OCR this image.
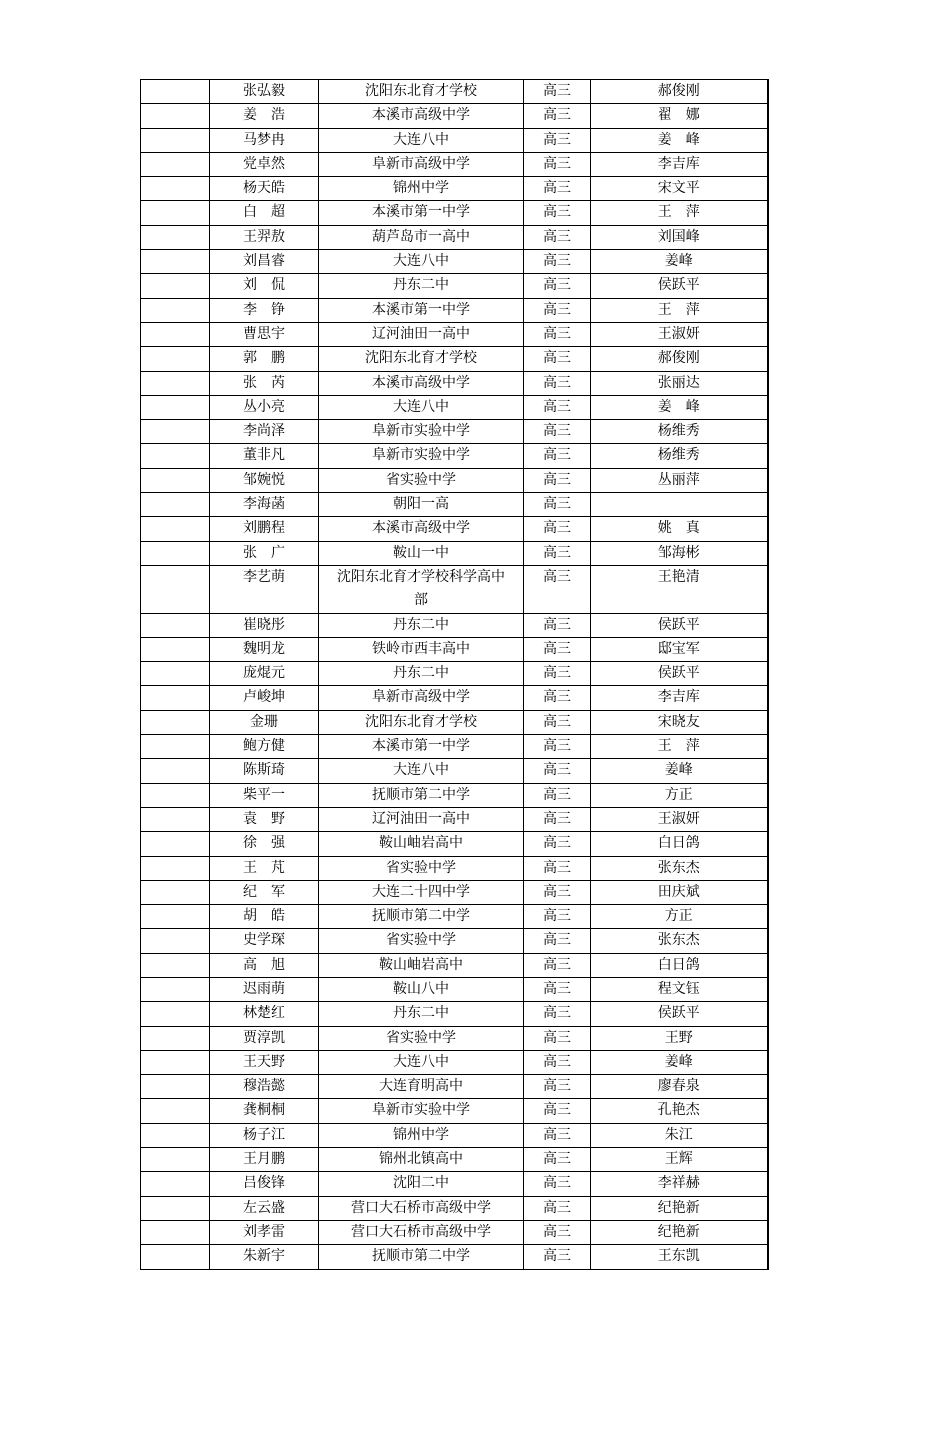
	张弘毅	沈阳东北育才学校	高三	郝俊刚
	姜　浩	本溪市高级中学	高三	翟　娜
	马梦冉	大连八中	高三	姜　峰
	党卓然	阜新市高级中学	高三	李吉库
	杨天皓	锦州中学	高三	宋文平
	白　超	本溪市第一中学	高三	王　萍
	王羿敖	葫芦岛市一高中	高三	刘国峰
	刘昌睿	大连八中	高三	姜峰
	刘　侃	丹东二中	高三	侯跃平
	李　铮	本溪市第一中学	高三	王　萍
	曹思宇	辽河油田一高中	高三	王淑妍
	郭　鹏	沈阳东北育才学校	高三	郝俊刚
	张　芮	本溪市高级中学	高三	张丽达
	丛小亮	大连八中	高三	姜　峰
	李尚泽	阜新市实验中学	高三	杨维秀
	董非凡	阜新市实验中学	高三	杨维秀
	邹婉悦	省实验中学	高三	丛丽萍
	李海菡	朝阳一高	高三	
	刘鹏程	本溪市高级中学	高三	姚　真
	张　广	鞍山一中	高三	邹海彬
	李艺萌	沈阳东北育才学校科学高中部	高三	王艳清
	崔晓彤	丹东二中	高三	侯跃平
	魏明龙	铁岭市西丰高中	高三	邸宝军
	庞焜元	丹东二中	高三	侯跃平
	卢峻坤	阜新市高级中学	高三	李吉库
	金珊	沈阳东北育才学校	高三	宋晓友
	鲍方健	本溪市第一中学	高三	王　萍
	陈斯琦	大连八中	高三	姜峰
	柴平一	抚顺市第二中学	高三	方正
	袁　野	辽河油田一高中	高三	王淑妍
	徐　强	鞍山岫岩高中	高三	白日鸽
	王　芃	省实验中学	高三	张东杰
	纪　军	大连二十四中学	高三	田庆斌
	胡　皓	抚顺市第二中学	高三	方正
	史学琛	省实验中学	高三	张东杰
	高　旭	鞍山岫岩高中	高三	白日鸽
	迟雨萌	鞍山八中	高三	程文钰
	林楚红	丹东二中	高三	侯跃平
	贾淳凯	省实验中学	高三	王野
	王天野	大连八中	高三	姜峰
	穆浩懿	大连育明高中	高三	廖春泉
	龚桐桐	阜新市实验中学	高三	孔艳杰
	杨子江	锦州中学	高三	朱江
	王月鹏	锦州北镇高中	高三	王辉
	吕俊锋	沈阳二中	高三	李祥赫
	左云盛	营口大石桥市高级中学	高三	纪艳新
	刘孝雷	营口大石桥市高级中学	高三	纪艳新
	朱新宇	抚顺市第二中学	高三	王东凯
